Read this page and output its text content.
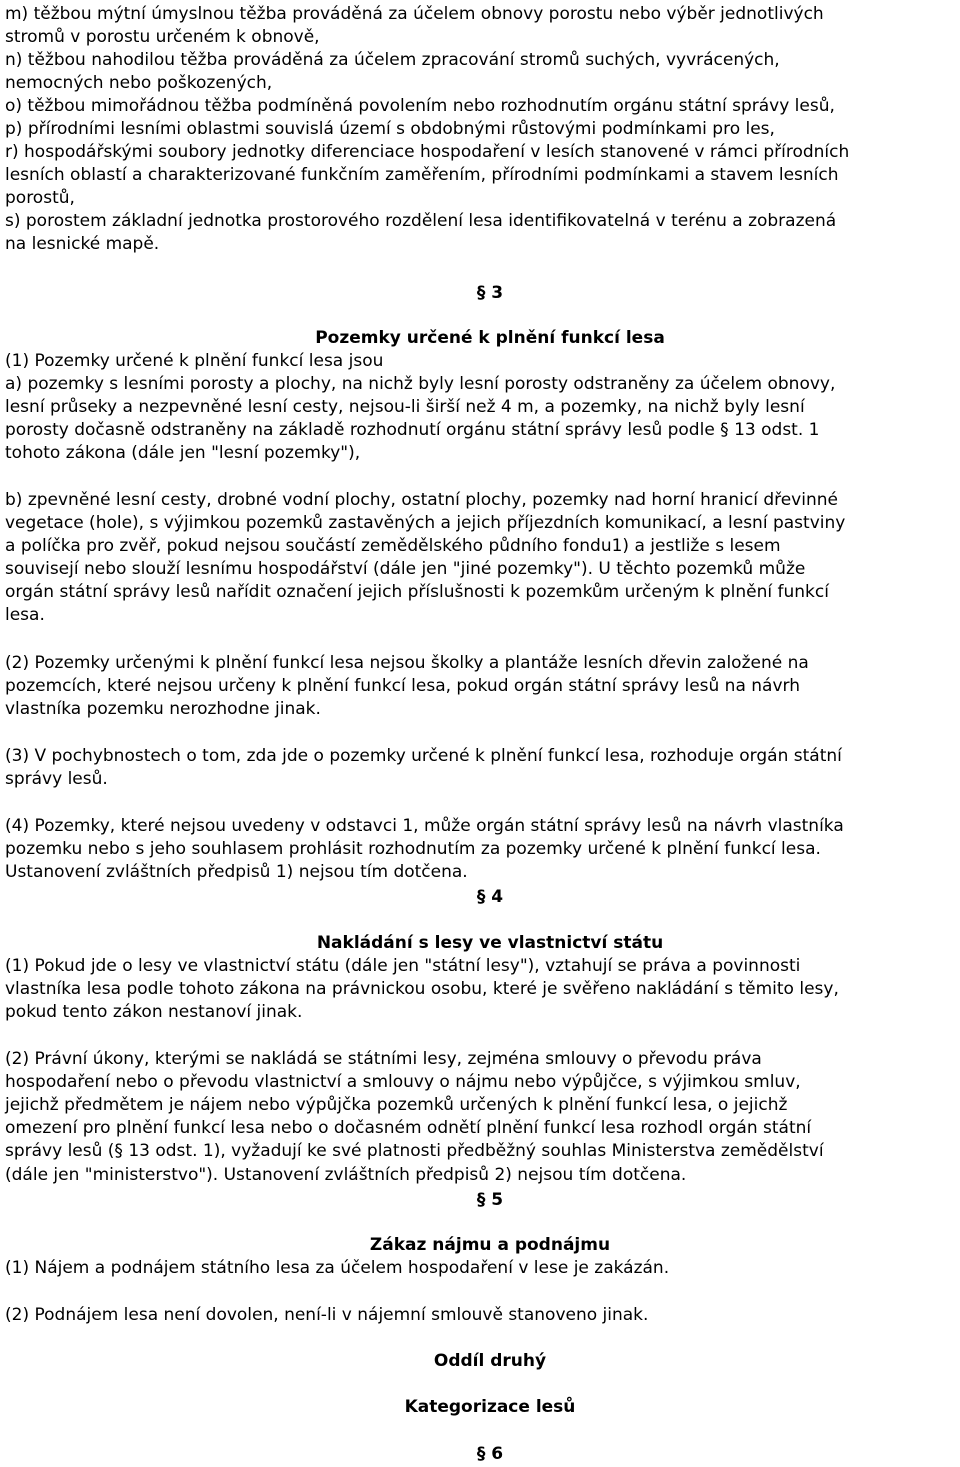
m) těžbou mýtní úmyslnou těžba prováděná za účelem obnovy porostu nebo výběr jednotlivých
stromů v porostu určeném k obnově,
n) těžbou nahodilou těžba prováděná za účelem zpracování stromů suchých, vyvrácených,
nemocných nebo poškozených,
o) těžbou mimořádnou těžba podmíněná povolením nebo rozhodnutím orgánu státní správy lesů,
p) přírodními lesními oblastmi souvislá území s obdobnými růstovými podmínkami pro les,
r) hospodářskými soubory jednotky diferenciace hospodaření v lesích stanovené v rámci přírodních
lesních oblastí a charakterizované funkčním zaměřením, přírodními podmínkami a stavem lesních
porostů,
s) porostem základní jednotka prostorového rozdělení lesa identifikovatelná v terénu a zobrazená
na lesnické mapě.
§ 3
Pozemky určené k plnění funkcí lesa
(1) Pozemky určené k plnění funkcí lesa jsou
a) pozemky s lesními porosty a plochy, na nichž byly lesní porosty odstraněny za účelem obnovy,
lesní průseky a nezpevněné lesní cesty, nejsou-li širší než 4 m, a pozemky, na nichž byly lesní
porosty dočasně odstraněny na základě rozhodnutí orgánu státní správy lesů podle § 13 odst. 1
tohoto zákona (dále jen "lesní pozemky"),
b) zpevněné lesní cesty, drobné vodní plochy, ostatní plochy, pozemky nad horní hranicí dřevinné
vegetace (hole), s výjimkou pozemků zastavěných a jejich příjezdních komunikací, a lesní pastviny
a políčka pro zvěř, pokud nejsou součástí zemědělského půdního fondu1) a jestliže s lesem
souvisejí nebo slouží lesnímu hospodářství (dále jen "jiné pozemky"). U těchto pozemků může
orgán státní správy lesů nařídit označení jejich příslušnosti k pozemkům určeným k plnění funkcí
lesa.
(2) Pozemky určenými k plnění funkcí lesa nejsou školky a plantáže lesních dřevin založené na
pozemcích, které nejsou určeny k plnění funkcí lesa, pokud orgán státní správy lesů na návrh
vlastníka pozemku nerozhodne jinak.
(3) V pochybnostech o tom, zda jde o pozemky určené k plnění funkcí lesa, rozhoduje orgán státní
správy lesů.
(4) Pozemky, které nejsou uvedeny v odstavci 1, může orgán státní správy lesů na návrh vlastníka
pozemku nebo s jeho souhlasem prohlásit rozhodnutím za pozemky určené k plnění funkcí lesa.
Ustanovení zvláštních předpisů 1) nejsou tím dotčena.
§ 4
Nakládání s lesy ve vlastnictví státu
(1) Pokud jde o lesy ve vlastnictví státu (dále jen "státní lesy"), vztahují se práva a povinnosti
vlastníka lesa podle tohoto zákona na právnickou osobu, které je svěřeno nakládání s těmito lesy,
pokud tento zákon nestanoví jinak.
(2) Právní úkony, kterými se nakládá se státními lesy, zejména smlouvy o převodu práva
hospodaření nebo o převodu vlastnictví a smlouvy o nájmu nebo výpůjčce, s výjimkou smluv,
jejichž předmětem je nájem nebo výpůjčka pozemků určených k plnění funkcí lesa, o jejichž
omezení pro plnění funkcí lesa nebo o dočasném odnětí plnění funkcí lesa rozhodl orgán státní
správy lesů (§ 13 odst. 1), vyžadují ke své platnosti předběžný souhlas Ministerstva zemědělství
(dále jen "ministerstvo"). Ustanovení zvláštních předpisů 2) nejsou tím dotčena.
§ 5
Zákaz nájmu a podnájmu
(1) Nájem a podnájem státního lesa za účelem hospodaření v lese je zakázán.
(2) Podnájem lesa není dovolen, není-li v nájemní smlouvě stanoveno jinak.
Oddíl druhý
Kategorizace lesů
§ 6
